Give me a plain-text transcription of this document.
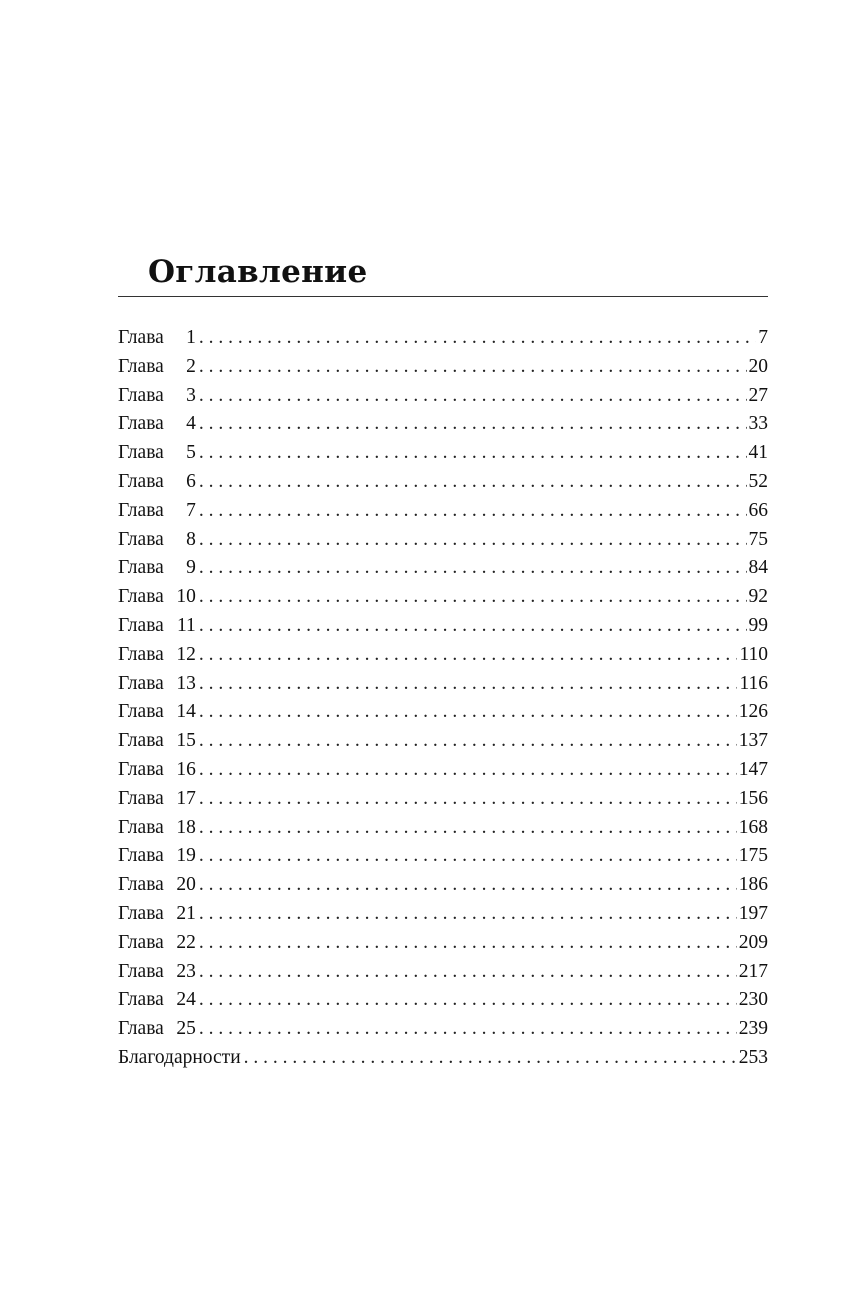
Оглавление
Глава 1 . . .	7
Глава 2 . . .	20
Глава 3 . . .	27
Глава 4 . . .	33
Глава 5 . . .	41
Глава 6 . . .	52
Глава 7 . . .	66
Глава 8 . . .	75
Глава 9 . . .	84
Глава 10 . . .	92
Глава 11 . . .	99
Глава 12 . . .	110
Глава 13 . . .	116
Глава 14 . . .	126
Глава 15 . . .	137
Глава 16 . . .	147
Глава 17 . . .	156
Глава 18 . . .	168
Глава 19 . . .	175
Глава 20 . . .	186
Глава 21 . . .	197
Глава 22 . . .	209
Глава 23 . . .	217
Глава 24 . . .	230
Глава 25 . . .	239
Благодарности . . .	253
